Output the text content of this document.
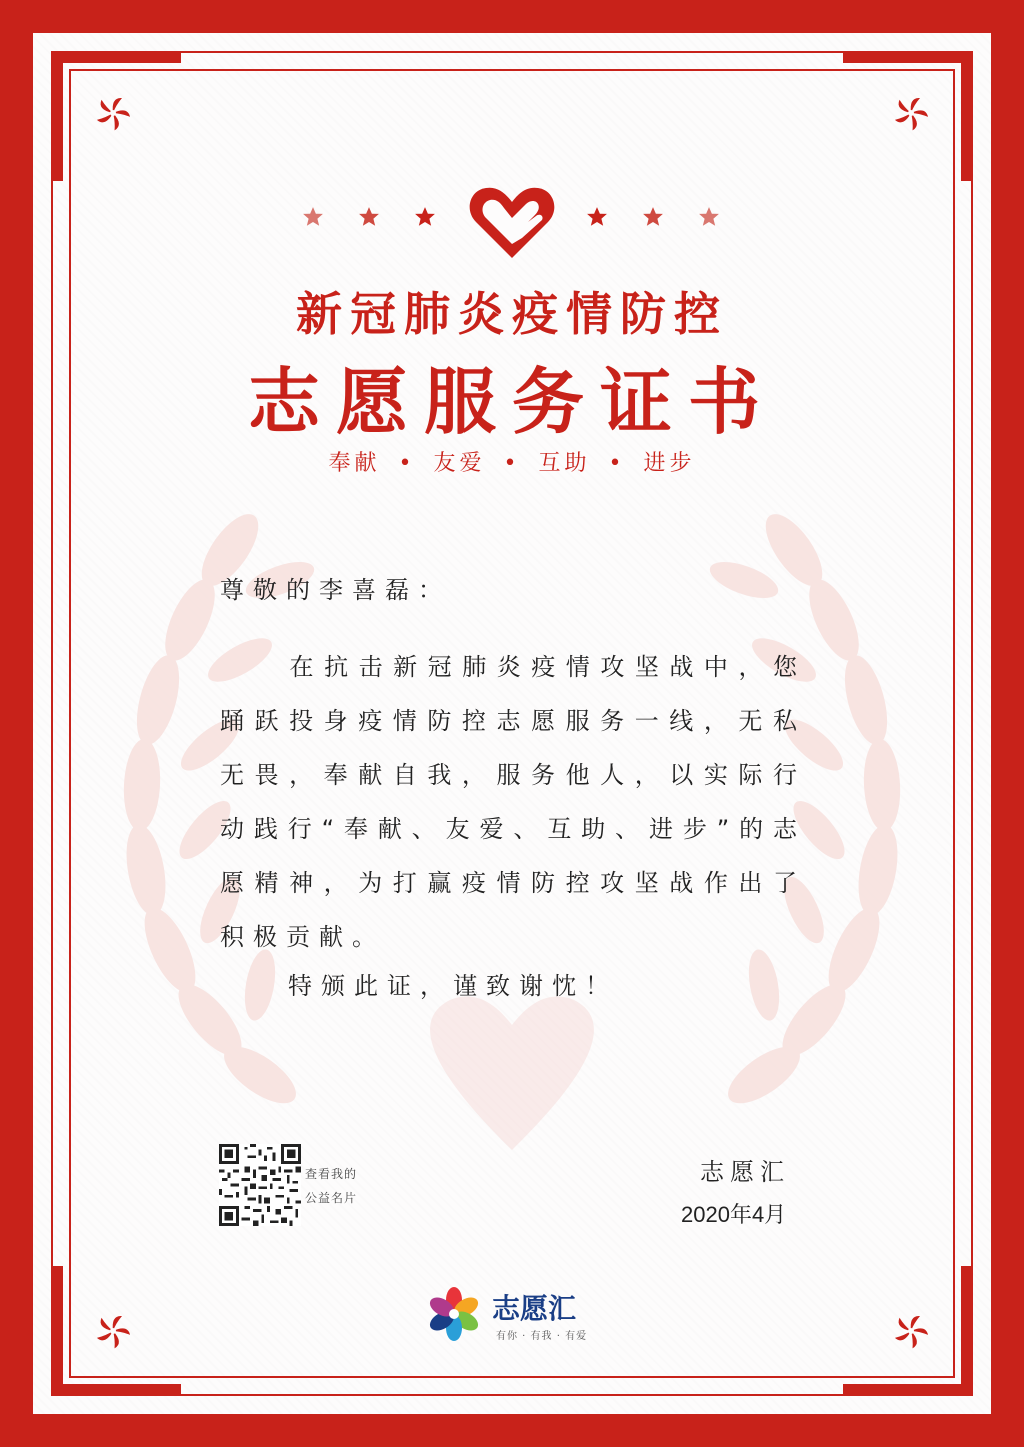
新冠肺炎疫情防控
志愿服务证书
奉献 • 友爱 • 互助 • 进步
尊敬的李喜磊：
在抗击新冠肺炎疫情攻坚战中，您踊跃投身疫情防控志愿服务一线，无私无畏，奉献自我，服务他人，以实际行动践行“奉献、友爱、互助、进步”的志愿精神，为打赢疫情防控攻坚战作出了积极贡献。
特颁此证，谨致谢忱！
查看我的
公益名片
志愿汇
2020年4月
志愿汇
有你 · 有我 · 有爱
